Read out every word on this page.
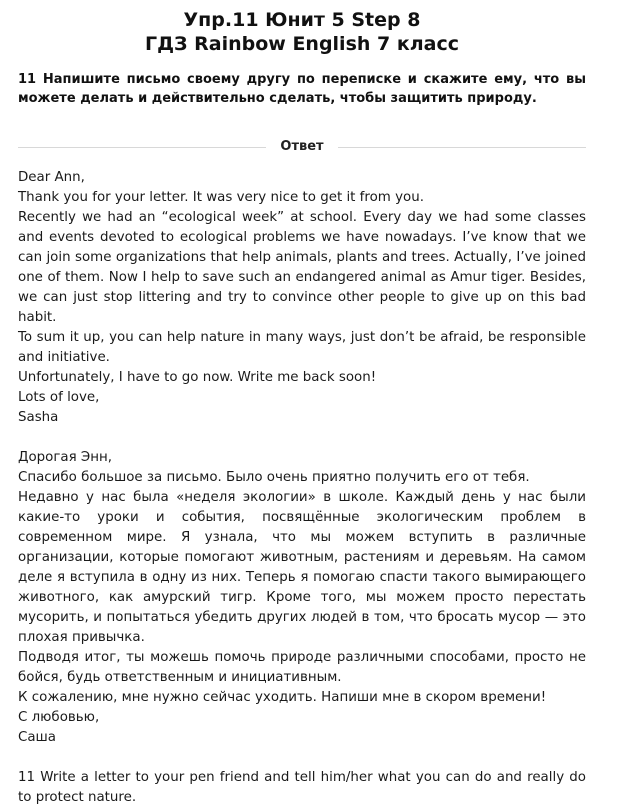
Упр.11 Юнит 5 Step 8
ГДЗ Rainbow English 7 класс

11 Напишите письмо своему другу по переписке и скажите ему, что вы можете делать и действительно сделать, чтобы защитить природу.

Ответ

Dear Ann,

Thank you for your letter. It was very nice to get it from you.

Recently we had an “ecological week” at school. Every day we had some classes and events devoted to ecological problems we have nowadays. I’ve know that we can join some organizations that help animals, plants and trees. Actually, I’ve joined one of them. Now I help to save such an endangered animal as Amur tiger. Besides, we can just stop littering and try to convince other people to give up on this bad habit.

To sum it up, you can help nature in many ways, just don’t be afraid, be responsible and initiative.

Unfortunately, I have to go now. Write me back soon!

Lots of love,

Sasha

Дорогая Энн,

Спасибо большое за письмо. Было очень приятно получить его от тебя.

Недавно у нас была «неделя экологии» в школе. Каждый день у нас были какие-то уроки и события, посвящённые экологическим проблем в современном мире. Я узнала, что мы можем вступить в различные организации, которые помогают животным, растениям и деревьям. На самом деле я вступила в одну из них. Теперь я помогаю спасти такого вымирающего животного, как амурский тигр. Кроме того, мы можем просто перестать мусорить, и попытаться убедить других людей в том, что бросать мусор — это плохая привычка.

Подводя итог, ты можешь помочь природе различными способами, просто не бойся, будь ответственным и инициативным.

К сожалению, мне нужно сейчас уходить. Напиши мне в скором времени!

С любовью,

Саша

11 Write a letter to your pen friend and tell him/her what you can do and really do to protect nature.
